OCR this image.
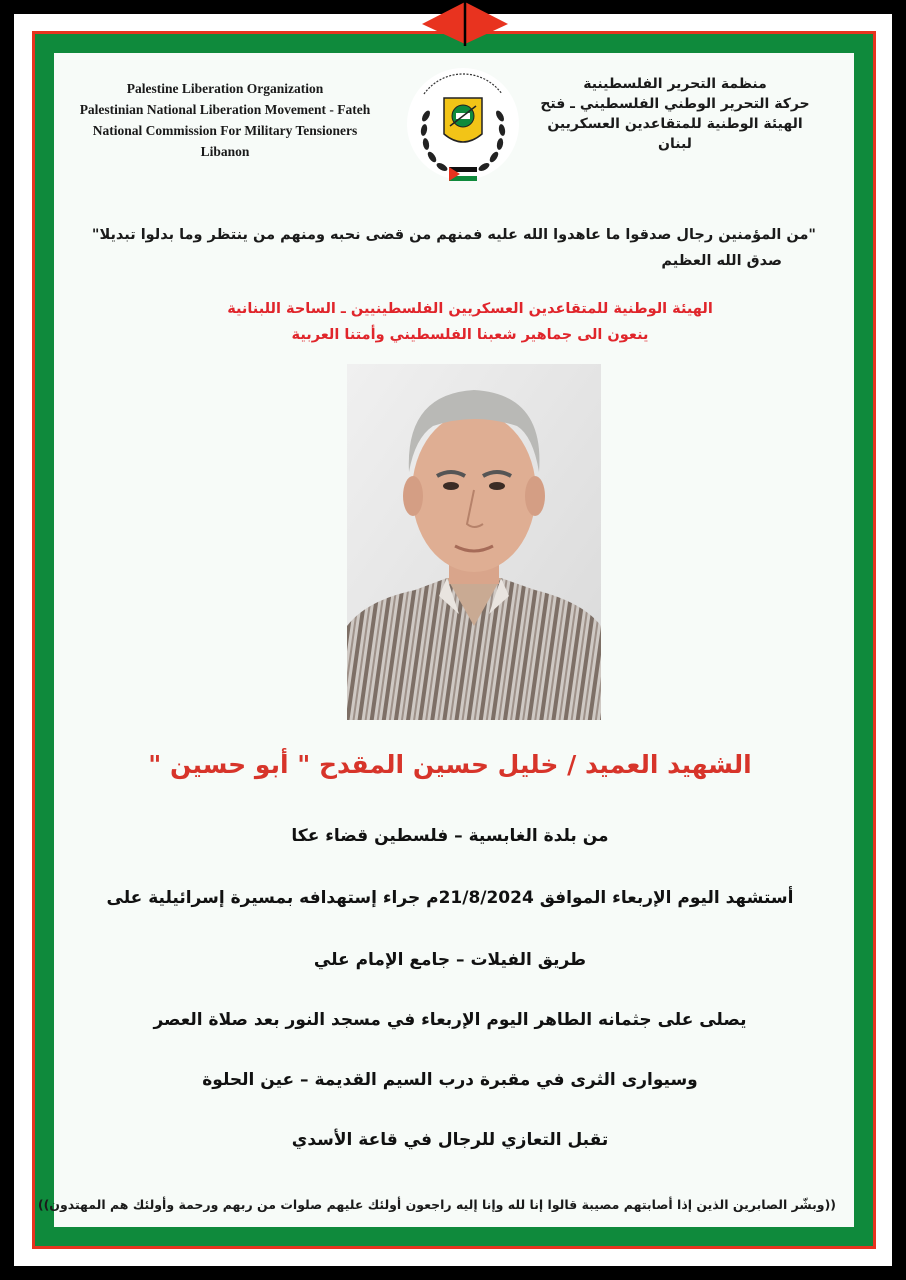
Palestine Liberation Organization
Palestinian National Liberation Movement - Fateh
National Commission For Military Tensioners
Libanon
منظمة التحرير الفلسطينية
حركة التحرير الوطني الفلسطيني ـ فتح
الهيئة الوطنية للمتقاعدين العسكريين
لبنان
"من المؤمنين رجال صدقوا ما عاهدوا الله عليه فمنهم من قضى نحبه ومنهم من ينتظر وما بدلوا تبديلا"
صدق الله العظيم
الهيئة الوطنية للمتقاعدين العسكريين الفلسطينيين ـ الساحة اللبنانية
ينعون الى جماهير شعبنا الفلسطيني وأمتنا العربية
الشهيد العميد / خليل حسين المقدح " أبو حسين "
من بلدة الغابسية – فلسطين قضاء عكا
أستشهد اليوم الإربعاء الموافق 21/8/2024م جراء إستهدافه بمسيرة إسرائيلية على
طريق الفيلات – جامع الإمام علي
يصلى على جثمانه الطاهر اليوم الإربعاء في مسجد النور بعد صلاة العصر
وسيوارى الثرى في مقبرة درب السيم القديمة – عين الحلوة
تقبل التعازي للرجال في قاعة الأسدي
((وبشّر الصابرين الذين إذا أصابتهم مصيبة قالوا إنا لله وإنا إليه راجعون أولئك عليهم صلوات من ربهم ورحمة وأولئك هم المهتدون))
